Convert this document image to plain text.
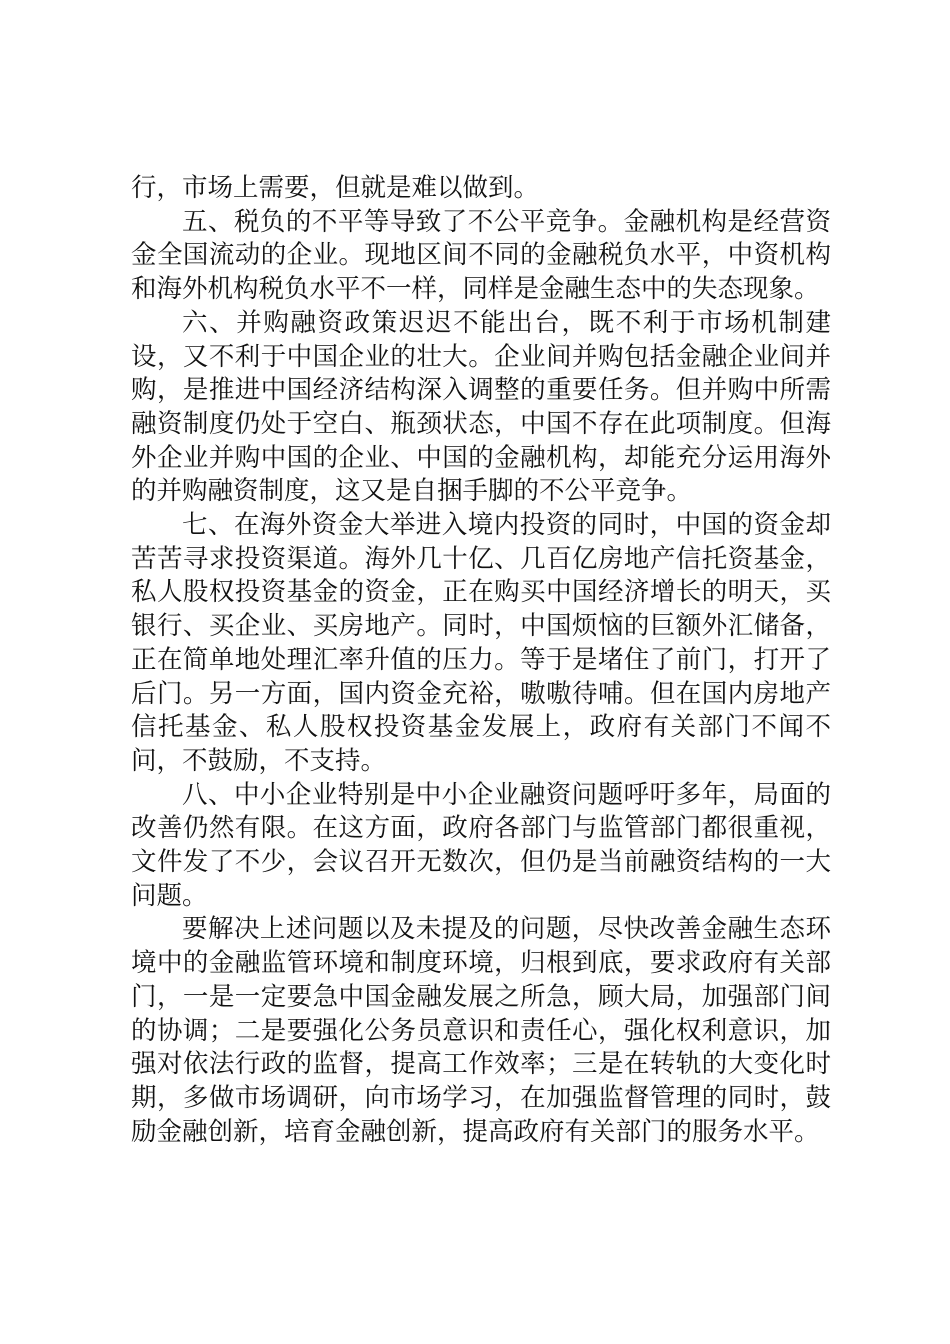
行，市场上需要，但就是难以做到。

五、税负的不平等导致了不公平竞争。金融机构是经营资金全国流动的企业。现地区间不同的金融税负水平，中资机构和海外机构税负水平不一样，同样是金融生态中的失态现象。

六、并购融资政策迟迟不能出台，既不利于市场机制建设，又不利于中国企业的壮大。企业间并购包括金融企业间并购，是推进中国经济结构深入调整的重要任务。但并购中所需融资制度仍处于空白、瓶颈状态，中国不存在此项制度。但海外企业并购中国的企业、中国的金融机构，却能充分运用海外的并购融资制度，这又是自捆手脚的不公平竞争。

七、在海外资金大举进入境内投资的同时，中国的资金却苦苦寻求投资渠道。海外几十亿、几百亿房地产信托资基金，私人股权投资基金的资金，正在购买中国经济增长的明天，买银行、买企业、买房地产。同时，中国烦恼的巨额外汇储备，正在简单地处理汇率升值的压力。等于是堵住了前门，打开了后门。另一方面，国内资金充裕，嗷嗷待哺。但在国内房地产信托基金、私人股权投资基金发展上，政府有关部门不闻不问，不鼓励，不支持。

八、中小企业特别是中小企业融资问题呼吁多年，局面的改善仍然有限。在这方面，政府各部门与监管部门都很重视，文件发了不少，会议召开无数次，但仍是当前融资结构的一大问题。

要解决上述问题以及未提及的问题，尽快改善金融生态环境中的金融监管环境和制度环境，归根到底，要求政府有关部门，一是一定要急中国金融发展之所急，顾大局，加强部门间的协调；二是要强化公务员意识和责任心，强化权利意识，加强对依法行政的监督，提高工作效率；三是在转轨的大变化时期，多做市场调研，向市场学习，在加强监督管理的同时，鼓励金融创新，培育金融创新，提高政府有关部门的服务水平。
